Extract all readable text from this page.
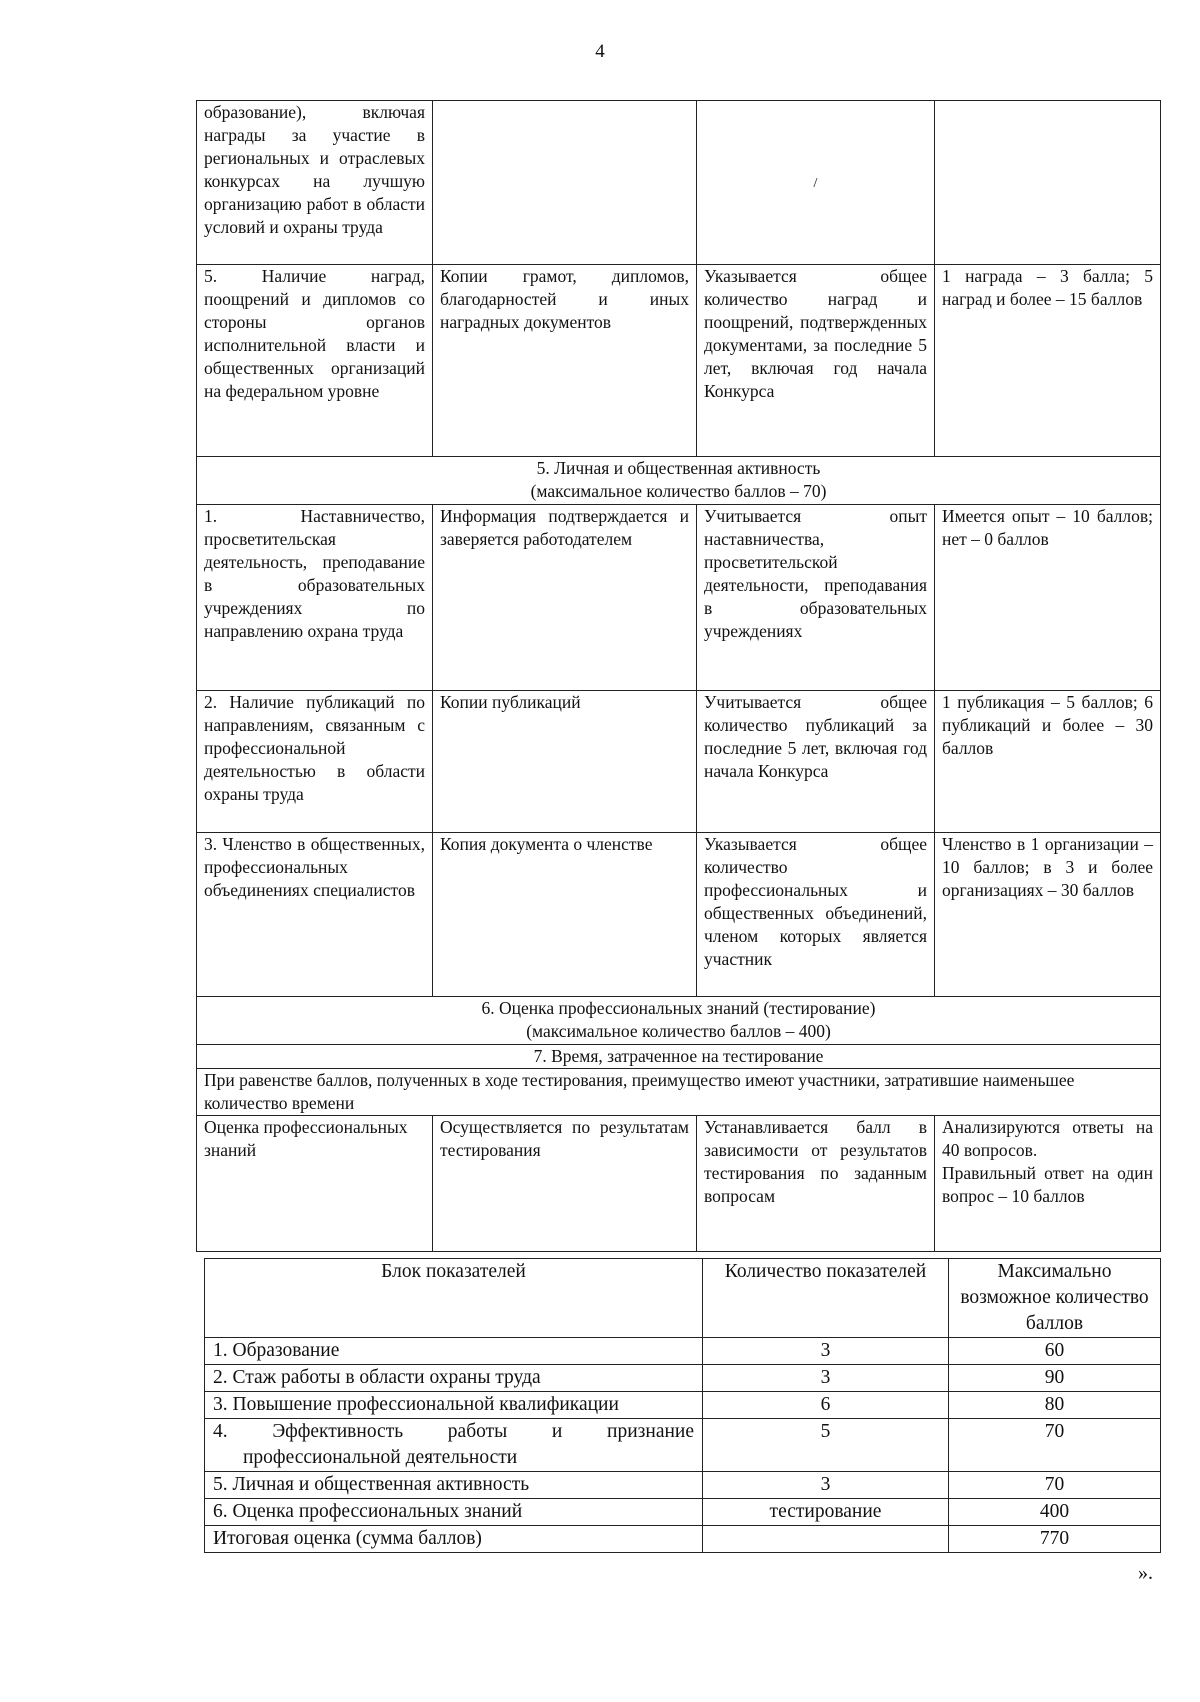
4
образование), включая награды за участие в региональных и отраслевых конкурсах на лучшую организацию работ в области условий и охраны труда		/	
5. Наличие наград, поощрений и дипломов со стороны органов исполнительной власти и общественных организаций на федеральном уровне	Копии грамот, дипломов, благодарностей и иных наградных документов	Указывается общее количество наград и поощрений, подтвержденных документами, за последние 5 лет, включая год начала Конкурса	1 награда – 3 балла; 5 наград и более – 15 баллов

5. Личная и общественная активность
(максимальное количество баллов – 70)			

1. Наставничество, просветительская деятельность, преподавание в образовательных учреждениях по направлению охрана труда	Информация подтверждается и заверяется работодателем	Учитывается опыт наставничества, просветительской деятельности, преподавания в образовательных учреждениях	Имеется опыт – 10 баллов; нет – 0 баллов
2. Наличие публикаций по направлениям, связанным с профессиональной деятельностью в области охраны труда	Копии публикаций	Учитывается общее количество публикаций за последние 5 лет, включая год начала Конкурса	1 публикация – 5 баллов; 6 публикаций и более – 30 баллов
3. Членство в общественных, профессиональных объединениях специалистов	Копия документа о членстве	Указывается общее количество профессиональных и общественных объединений, членом которых является участник	Членство в 1 организации – 10 баллов; в 3 и более организациях – 30 баллов

6. Оценка профессиональных знаний (тестирование)
(максимальное количество баллов – 400)			

7. Время, затраченное на тестирование			
При равенстве баллов, полученных в ходе тестирования, преимущество имеют участники, затратившие наименьшее количество времени			
Оценка профессиональных знаний	Осуществляется по результатам тестирования	Устанавливается балл в зависимости от результатов тестирования по заданным вопросам	Анализируются ответы на 40 вопросов.
Правильный ответ на один вопрос – 10 баллов
Блок показателей	Количество показателей	Максимально возможное количество баллов
1. Образование	3	60
2. Стаж работы в области охраны труда	3	90
3. Повышение профессиональной квалификации	6	80

4. Эффективность работы и признание
профессиональной деятельности	5	70
5. Личная и общественная активность	3	70
6. Оценка профессиональных знаний	тестирование	400
Итоговая оценка (сумма баллов)		770
».
